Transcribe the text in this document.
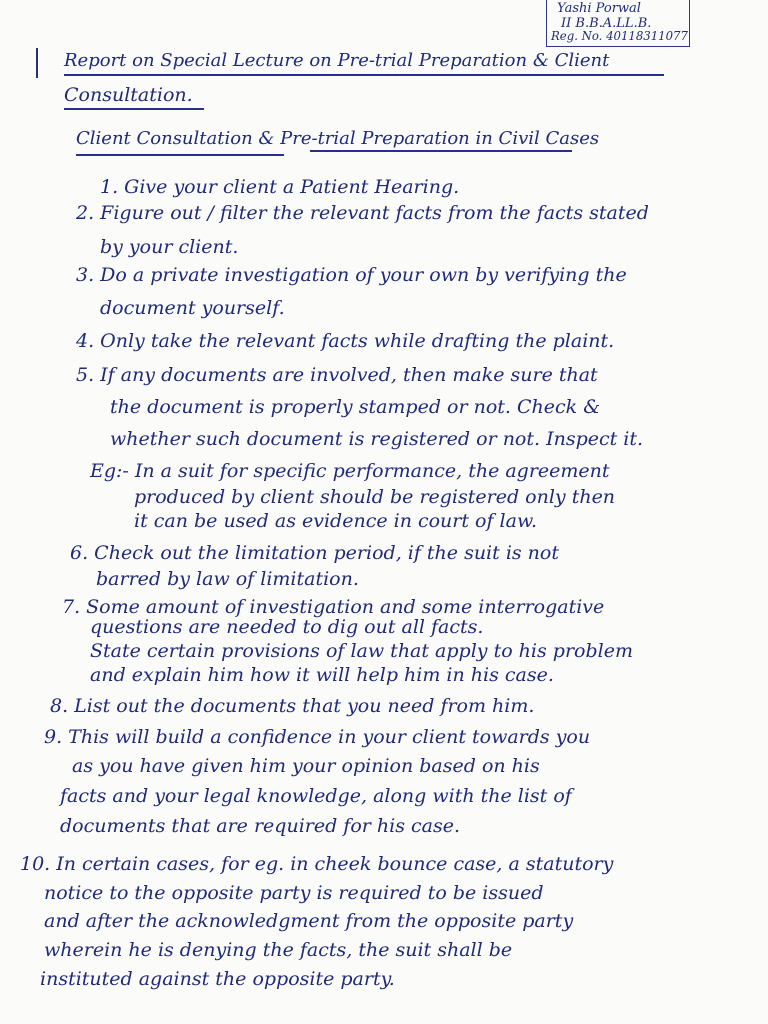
Yashi Porwal
II B.B.A.LL.B.
Reg. No. 40118311077
Report on Special Lecture on Pre-trial Preparation & Client
Consultation.
Client Consultation & Pre-trial Preparation in Civil Cases
1. Give your client a Patient Hearing.
2. Figure out / filter the relevant facts from the facts stated
by your client.
3. Do a private investigation of your own by verifying the
document yourself.
4. Only take the relevant facts while drafting the plaint.
5. If any documents are involved, then make sure that
the document is properly stamped or not. Check &
whether such document is registered or not. Inspect it.
Eg:- In a suit for specific performance, the agreement
produced by client should be registered only then
it can be used as evidence in court of law.
6. Check out the limitation period, if the suit is not
barred by law of limitation.
7. Some amount of investigation and some interrogative
questions are needed to dig out all facts.
State certain provisions of law that apply to his problem
and explain him how it will help him in his case.
8. List out the documents that you need from him.
9. This will build a confidence in your client towards you
as you have given him your opinion based on his
facts and your legal knowledge, along with the list of
documents that are required for his case.
10. In certain cases, for eg. in cheek bounce case, a statutory
notice to the opposite party is required to be issued
and after the acknowledgment from the opposite party
wherein he is denying the facts, the suit shall be
instituted against the opposite party.
